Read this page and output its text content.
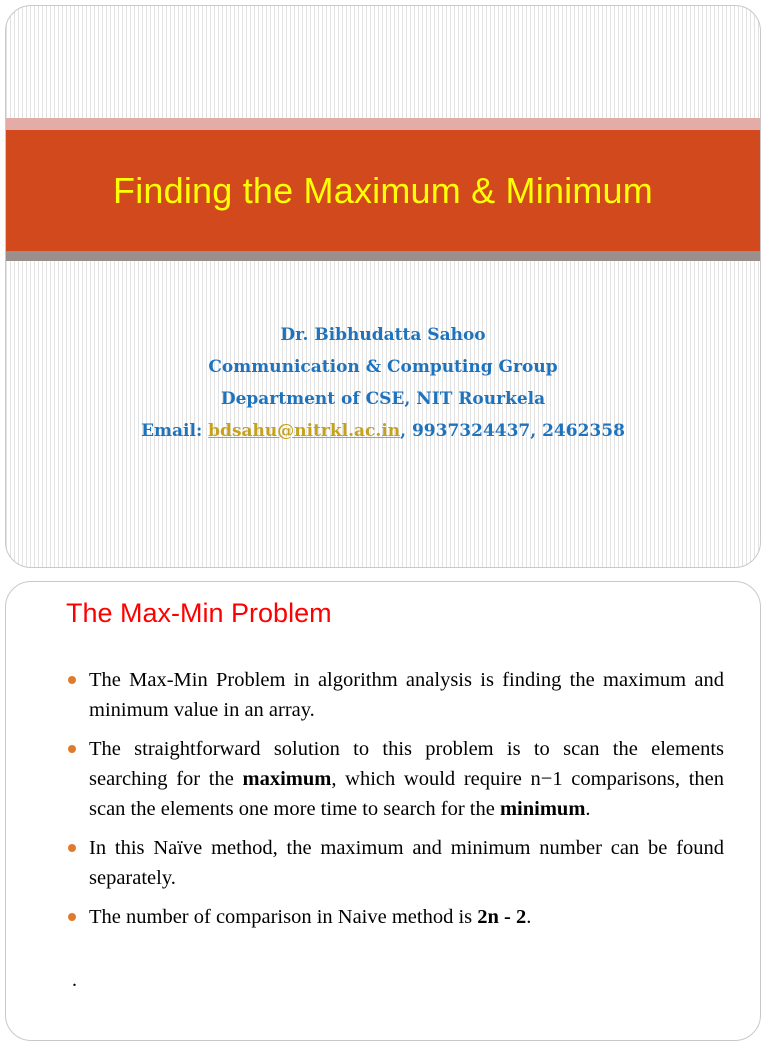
Finding the Maximum & Minimum
Dr. Bibhudatta Sahoo
Communication & Computing Group
Department of CSE, NIT Rourkela
Email: bdsahu@nitrkl.ac.in, 9937324437, 2462358
The Max-Min Problem
The Max-Min Problem in algorithm analysis is finding the maximum and minimum value in an array.
The straightforward solution to this problem is to scan the elements searching for the maximum, which would require n−1 comparisons, then scan the elements one more time to search for the minimum.
In this Naïve method, the maximum and minimum number can be found separately.
The number of comparison in Naive method is 2n - 2.
.
